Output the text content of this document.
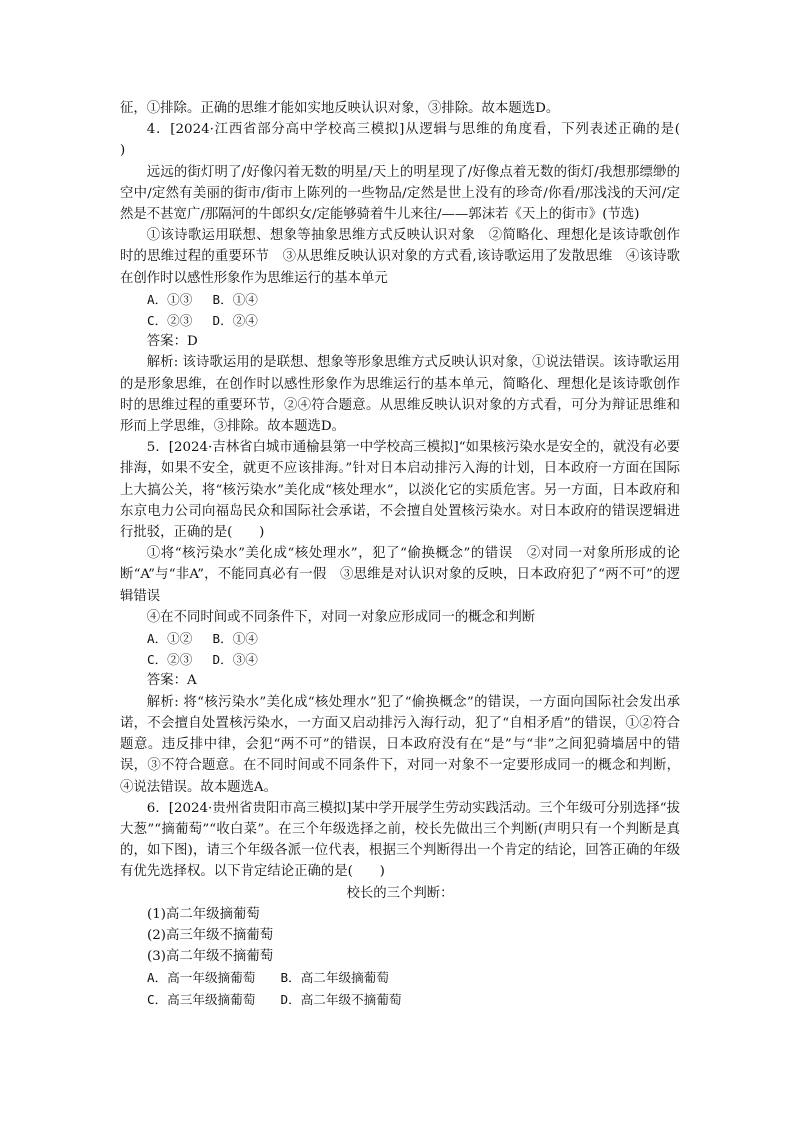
征，①排除。正确的思维才能如实地反映认识对象，③排除。故本题选D。

4．[2024·江西省部分高中学校高三模拟]从逻辑与思维的角度看，下列表述正确的是(　　)

远远的街灯明了/好像闪着无数的明星/天上的明星现了/好像点着无数的街灯/我想那缥缈的空中/定然有美丽的街市/街市上陈列的一些物品/定然是世上没有的珍奇/你看/那浅浅的天河/定然是不甚宽广/那隔河的牛郎织女/定能够骑着牛儿来往/——郭沫若《天上的街市》(节选)

①该诗歌运用联想、想象等抽象思维方式反映认识对象　②简略化、理想化是该诗歌创作时的思维过程的重要环节　③从思维反映认识对象的方式看,该诗歌运用了发散思维　④该诗歌在创作时以感性形象作为思维运行的基本单元

A．①③　 B．①④

C．②③　 D．②④

答案：D

解析: 该诗歌运用的是联想、想象等形象思维方式反映认识对象，①说法错误。该诗歌运用的是形象思维，在创作时以感性形象作为思维运行的基本单元，简略化、理想化是该诗歌创作时的思维过程的重要环节，②④符合题意。从思维反映认识对象的方式看，可分为辩证思维和形而上学思维，③排除。故本题选D。

5．[2024·吉林省白城市通榆县第一中学校高三模拟]“如果核污染水是安全的，就没有必要排海，如果不安全，就更不应该排海。”针对日本启动排污入海的计划，日本政府一方面在国际上大搞公关，将“核污染水”美化成“核处理水”，以淡化它的实质危害。另一方面，日本政府和东京电力公司向福岛民众和国际社会承诺，不会擅自处置核污染水。对日本政府的错误逻辑进行批驳，正确的是(　　)

①将“核污染水”美化成“核处理水”，犯了“偷换概念”的错误　②对同一对象所形成的论断“A”与“非A”，不能同真必有一假　③思维是对认识对象的反映，日本政府犯了“两不可”的逻辑错误

④在不同时间或不同条件下，对同一对象应形成同一的概念和判断

A．①②　 B．①④

C．②③　 D．③④

答案：A

解析: 将“核污染水”美化成“核处理水”犯了“偷换概念”的错误，一方面向国际社会发出承诺，不会擅自处置核污染水，一方面又启动排污入海行动，犯了“自相矛盾”的错误，①②符合题意。违反排中律，会犯“两不可”的错误，日本政府没有在“是”与“非”之间犯骑墙居中的错误，③不符合题意。在不同时间或不同条件下，对同一对象不一定要形成同一的概念和判断，④说法错误。故本题选A。

6．[2024·贵州省贵阳市高三模拟]某中学开展学生劳动实践活动。三个年级可分别选择“拔大葱”“摘葡萄”“收白菜”。在三个年级选择之前，校长先做出三个判断(声明只有一个判断是真的，如下图)，请三个年级各派一位代表，根据三个判断得出一个肯定的结论，回答正确的年级有优先选择权。以下肯定结论正确的是(　　)

校长的三个判断：

(1)高二年级摘葡萄

(2)高三年级不摘葡萄

(3)高二年级不摘葡萄

A．高一年级摘葡萄　　B．高二年级摘葡萄

C．高三年级摘葡萄　　D．高二年级不摘葡萄
